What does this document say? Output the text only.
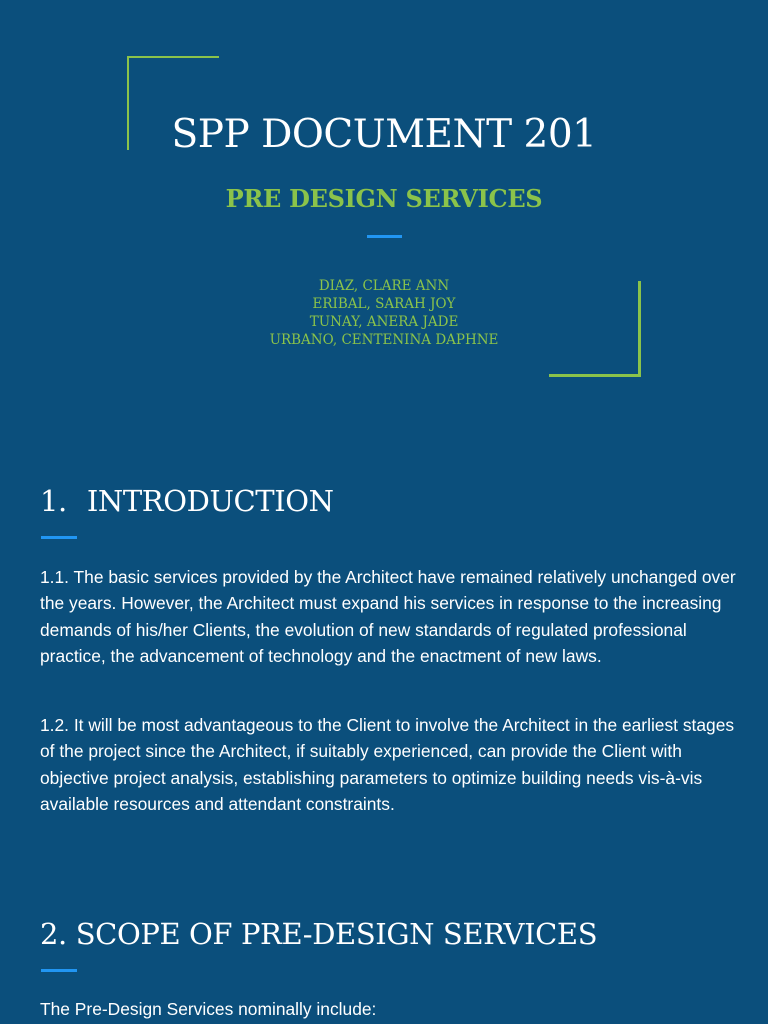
SPP DOCUMENT 201
PRE DESIGN SERVICES
DIAZ, CLARE ANN
ERIBAL, SARAH JOY
TUNAY, ANERA JADE
URBANO, CENTENINA DAPHNE
1. INTRODUCTION

1.1. The basic services provided by the Architect have remained relatively unchanged over the years. However, the Architect must expand his services in response to the increasing demands of his/her Clients, the evolution of new standards of regulated professional practice, the advancement of technology and the enactment of new laws.

1.2. It will be most advantageous to the Client to involve the Architect in the earliest stages of the project since the Architect, if suitably experienced, can provide the Client with objective project analysis, establishing parameters to optimize building needs vis-à-vis available resources and attendant constraints.

2. SCOPE OF PRE-DESIGN SERVICES

The Pre-Design Services nominally include:
